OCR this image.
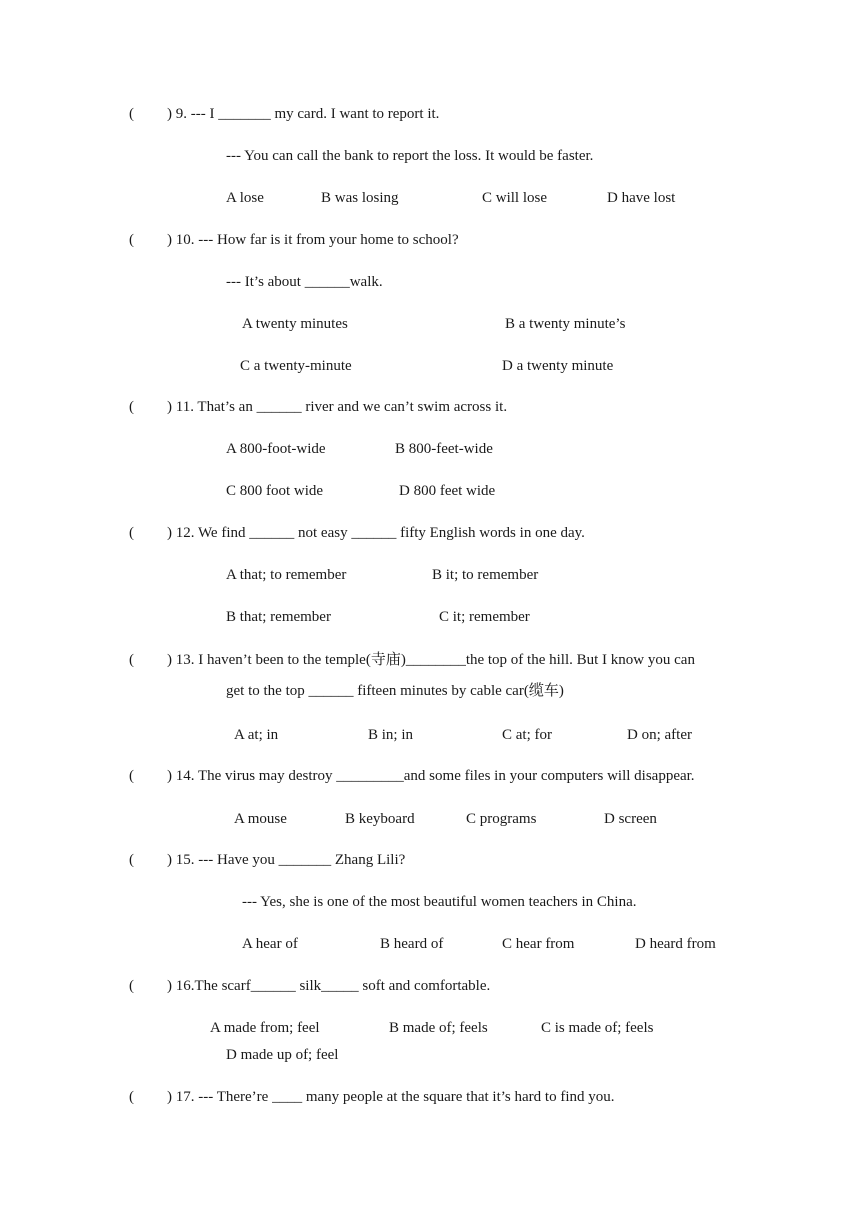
( ) 9. --- I _______ my card. I want to report it.
--- You can call the bank to report the loss. It would be faster.
A lose	B was losing	C will lose	D have lost
( ) 10. --- How far is it from your home to school?
--- It’s about ______walk.
A twenty minutes	B a twenty minute’s
C a twenty-minute	D a twenty minute
( ) 11. That’s an ______ river and we can’t swim across it.
A 800-foot-wide	B 800-feet-wide
C 800 foot wide	D 800 feet wide
( ) 12. We find ______ not easy ______ fifty English words in one day.
A that; to remember	B it; to remember
B that; remember	C it; remember
( ) 13. I haven’t been to the temple(寺庙)________the top of the hill. But I know you can
get to the top ______ fifteen minutes by cable car(缆车)
A at; in	B in; in	C at; for	D on; after
( ) 14. The virus may destroy _________and some files in your computers will disappear.
A mouse	B keyboard	C programs	D screen
( ) 15. --- Have you _______ Zhang Lili?
--- Yes, she is one of the most beautiful women teachers in China.
A hear of	B heard of	C hear from	D heard from
( ) 16.The scarf______ silk_____ soft and comfortable.
A made from; feel	B made of; feels	C is made of; feels
D made up of; feel
( ) 17. --- There’re ____ many people at the square that it’s hard to find you.
